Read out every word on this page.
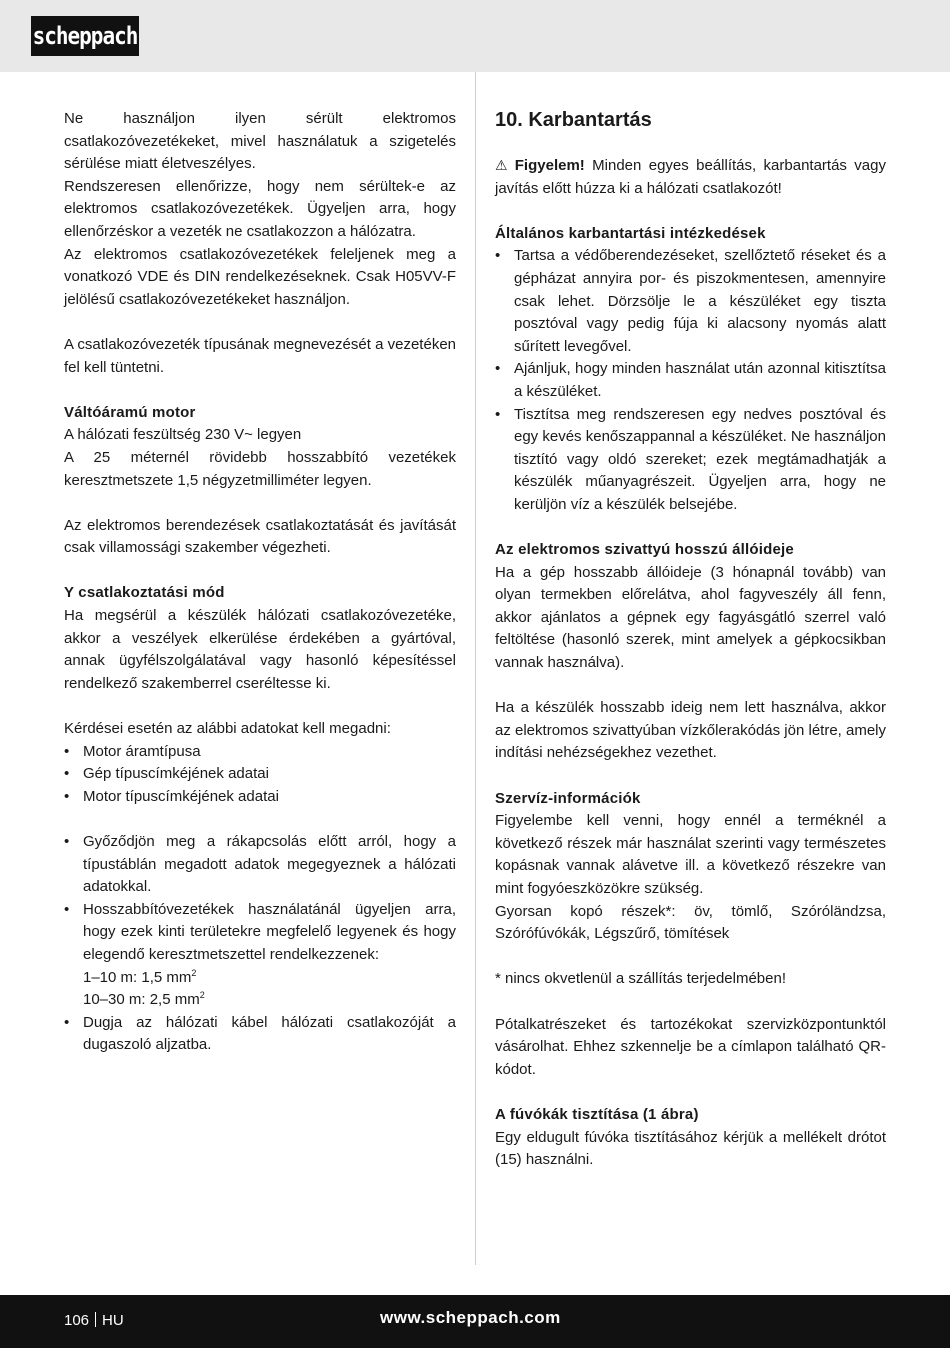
scheppach

Ne használjon ilyen sérült elektromos csatlakozóvezetékeket, mivel használatuk a szigetelés sérülése miatt életveszélyes.

Rendszeresen ellenőrizze, hogy nem sérültek-e az elektromos csatlakozóvezetékek. Ügyeljen arra, hogy ellenőrzéskor a vezeték ne csatlakozzon a hálózatra.

Az elektromos csatlakozóvezetékek feleljenek meg a vonatkozó VDE és DIN rendelkezéseknek. Csak H05VV-F jelölésű csatlakozóvezetékeket használjon.

A csatlakozóvezeték típusának megnevezését a vezetéken fel kell tüntetni.

Váltóáramú motor

A hálózati feszültség 230 V~ legyen

A 25 méternél rövidebb hosszabbító vezetékek keresztmetszete 1,5 négyzetmilliméter legyen.

Az elektromos berendezések csatlakoztatását és javítását csak villamossági szakember végezheti.

Y csatlakoztatási mód

Ha megsérül a készülék hálózati csatlakozóvezetéke, akkor a veszélyek elkerülése érdekében a gyártóval, annak ügyfélszolgálatával vagy hasonló képesítéssel rendelkező szakemberrel cseréltesse ki.

Kérdései esetén az alábbi adatokat kell megadni:

• Motor áramtípusa
• Gép típuscímkéjének adatai
• Motor típuscímkéjének adatai
• Győződjön meg a rákapcsolás előtt arról, hogy a típustáblán megadott adatok megegyeznek a hálózati adatokkal.
• Hosszabbítóvezetékek használatánál ügyeljen arra, hogy ezek kinti területekre megfelelő legyenek és hogy elegendő keresztmetszettel rendelkezzenek:
1–10 m: 1,5 $mm^2$
10–30 m: 2,5 $mm^2$
• Dugja az hálózati kábel hálózati csatlakozóját a dugaszoló aljzatba.
10. Karbantartás

⚠ Figyelem! Minden egyes beállítás, karbantartás vagy javítás előtt húzza ki a hálózati csatlakozót!

Általános karbantartási intézkedések

• Tartsa a védőberendezéseket, szellőztető réseket és a gépházat annyira por- és piszokmentesen, amennyire csak lehet. Dörzsölje le a készüléket egy tiszta posztóval vagy pedig fúja ki alacsony nyomás alatt sűrített levegővel.
• Ajánljuk, hogy minden használat után azonnal kitisztítsa a készüléket.
• Tisztítsa meg rendszeresen egy nedves posztóval és egy kevés kenőszappannal a készüléket. Ne használjon tisztító vagy oldó szereket; ezek megtámadhatják a készülék műanyagrészeit. Ügyeljen arra, hogy ne kerüljön víz a készülék belsejébe.

Az elektromos szivattyú hosszú állóideje

Ha a gép hosszabb állóideje (3 hónapnál tovább) van olyan termekben előrelátva, ahol fagyveszély áll fenn, akkor ajánlatos a gépnek egy fagyásgátló szerrel való feltöltése (hasonló szerek, mint amelyek a gépkocsikban vannak használva).

Ha a készülék hosszabb ideig nem lett használva, akkor az elektromos szivattyúban vízkőlerakódás jön létre, amely indítási nehézségekhez vezethet.

Szervíz-információk

Figyelembe kell venni, hogy ennél a terméknél a következő részek már használat szerinti vagy természetes kopásnak vannak alávetve ill. a következő részekre van mint fogyóeszközökre szükség.

Gyorsan kopó részek*: öv, tömlő, Szóróländzsa, Szórófúvókák, Légszűrő, tömítések

* nincs okvetlenül a szállítás terjedelmében!

Pótalkatrészeket és tartozékokat szervizközpontunktól vásárolhat. Ehhez szkennelje be a címlapon található QR-kódot.

A fúvókák tisztítása (1 ábra)

Egy eldugult fúvóka tisztításához kérjük a mellékelt drótot (15) használni.

106 HU	www.scheppach.com
